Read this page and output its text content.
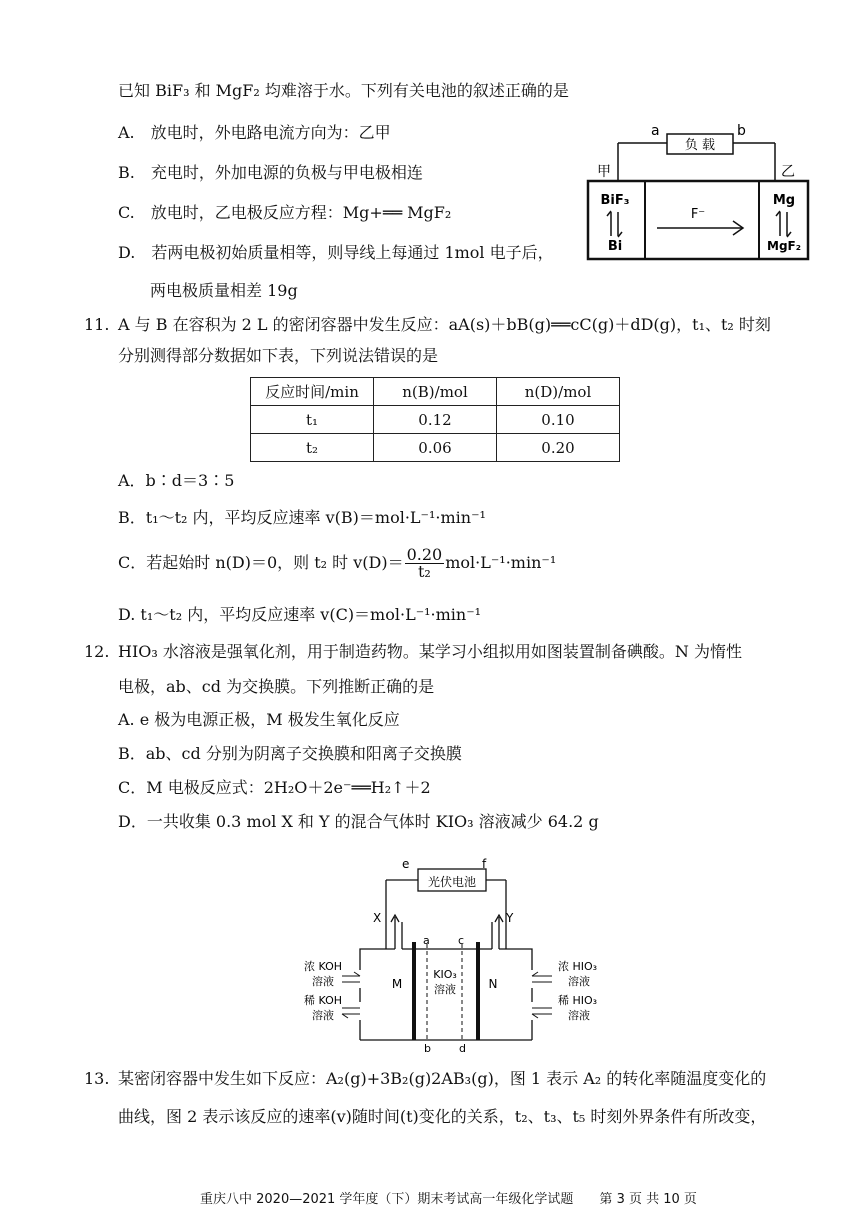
已知 BiF₃ 和 MgF₂ 均难溶于水。下列有关电池的叙述正确的是
A.　 放电时，外电路电流方向为：乙甲
B.　 充电时，外加电源的负极与甲电极相连
C.　 放电时，乙电极反应方程：Mg+══ MgF₂
D.　 若两电极初始质量相等，则导线上每通过 1mol 电子后，
两电极质量相差 19g
a	b
负 载
甲	乙
BiF₃
Bi
Mg
MgF₂
F⁻
11. A 与 B 在容积为 2 L 的密闭容器中发生反应：aA(s)＋bB(g)══cC(g)＋dD(g)，t₁、t₂ 时刻
分别测得部分数据如下表，下列说法错误的是
反应时间/min	n(B)/mol	n(D)/mol
t₁	0.12	0.10
t₂	0.06	0.20
A．b∶d＝3∶5
B．t₁～t₂ 内，平均反应速率 v(B)＝mol·L⁻¹·min⁻¹
C．若起始时 n(D)＝0，则 t₂ 时 $v(D)= \frac{0.20}{\text{t₂}} mol\cdot L^{-1}\cdot\min^{-1}$
D. t₁～t₂ 内，平均反应速率 v(C)＝mol·L⁻¹·min⁻¹
12. HIO₃ 水溶液是强氧化剂，用于制造药物。某学习小组拟用如图装置制备碘酸。N 为惰性
电极，ab、cd 为交换膜。下列推断正确的是
A. e 极为电源正极，M 极发生氧化反应
B．ab、cd 分别为阴离子交换膜和阳离子交换膜
C．M 电极反应式：2H₂O＋2e⁻══H₂↑＋2
D．一共收集 0.3 mol X 和 Y 的混合气体时 KIO₃ 溶液减少 64.2 g
e	f
光伏电池
X	Y
a	c
b	d
M	N
KIO₃
溶液
浓 KOH
溶液
稀 KOH
溶液
浓 HIO₃
溶液
稀 HIO₃
溶液
13. 某密闭容器中发生如下反应：A₂(g)+3B₂(g)2AB₃(g)，图 1 表示 A₂ 的转化率随温度变化的
曲线，图 2 表示该反应的速率(v)随时间(t)变化的关系，t₂、t₃、t₅ 时刻外界条件有所改变，
重庆八中 2020—2021 学年度（下）期末考试高一年级化学试题　　第 3 页 共 10 页
